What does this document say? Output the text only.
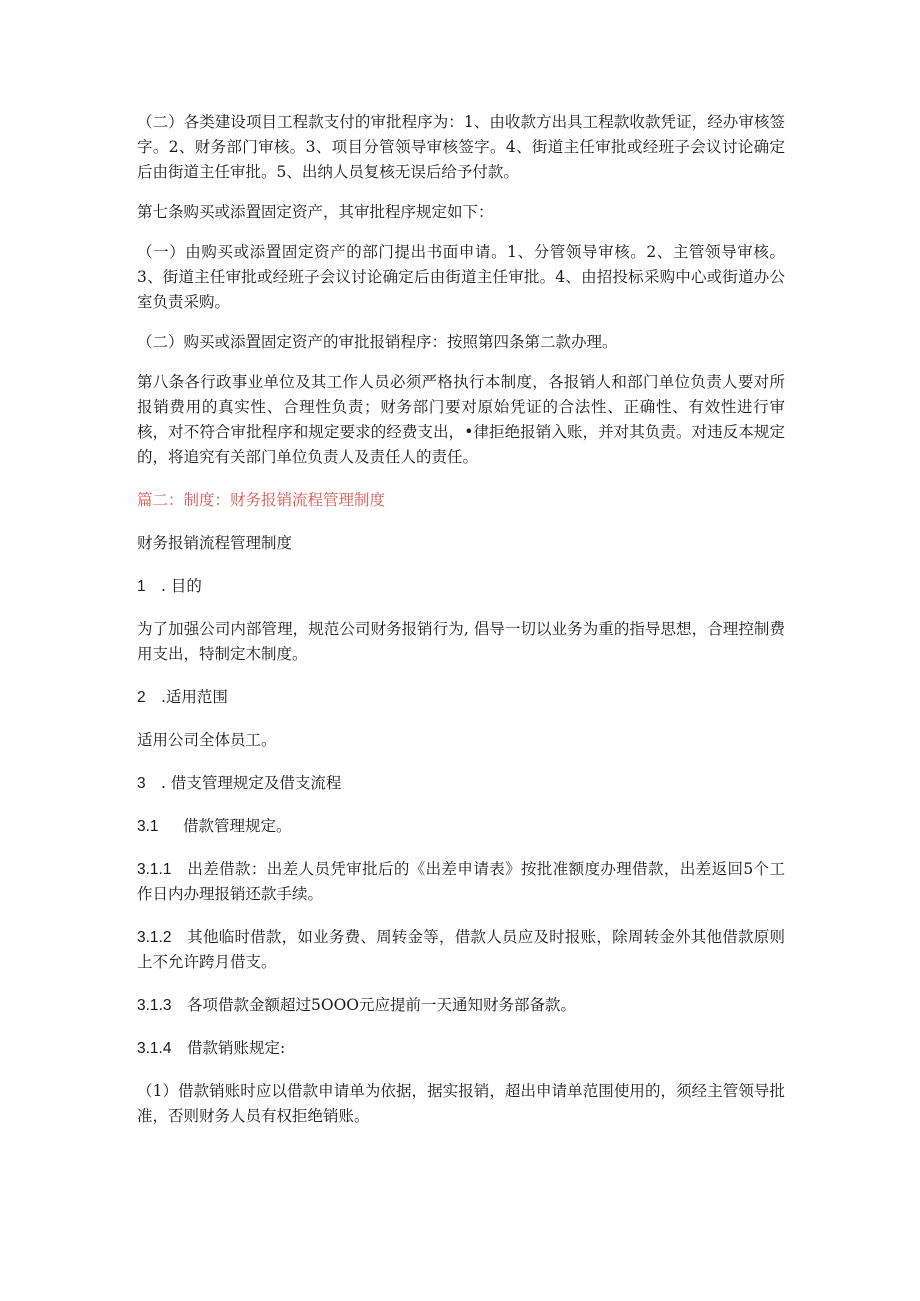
（二）各类建设项目工程款支付的审批程序为：1、由收款方出具工程款收款凭证，经办审核签字。2、财务部门审核。3、项目分管领导审核签字。4、街道主任审批或经班子会议讨论确定后由街道主任审批。5、出纳人员复核无误后给予付款。

第七条购买或添置固定资产，其审批程序规定如下：

（一）由购买或添置固定资产的部门提出书面申请。1、分管领导审核。2、主管领导审核。3、街道主任审批或经班子会议讨论确定后由街道主任审批。4、由招投标采购中心或街道办公室负责采购。

（二）购买或添置固定资产的审批报销程序：按照第四条第二款办理。

第八条各行政事业单位及其工作人员必须严格执行本制度，各报销人和部门单位负责人要对所报销费用的真实性、合理性负责；财务部门要对原始凭证的合法性、正确性、有效性进行审核，对不符合审批程序和规定要求的经费支出，•律拒绝报销入账，并对其负责。对违反本规定的，将追究有关部门单位负责人及责任人的责任。

篇二：制度：财务报销流程管理制度

财务报销流程管理制度

1 . 目的

为了加强公司内部管理，规范公司财务报销行为, 倡导一切以业务为重的指导思想，合理控制费用支出，特制定木制度。

2 .适用范围

适用公司全体员工。

3 . 借支管理规定及借支流程

3.1 借款管理规定。

3.1.1 出差借款：出差人员凭审批后的《出差申请表》按批准额度办理借款，出差返回5个工作日内办理报销还款手续。

3.1.2 其他临时借款，如业务费、周转金等，借款人员应及时报账，除周转金外其他借款原则上不允许跨月借支。

3.1.3 各项借款金额超过5OOO元应提前一天通知财务部备款。

3.1.4 借款销账规定:

（1）借款销账时应以借款申请单为依据，据实报销，超出申请单范围使用的，须经主管领导批准，否则财务人员有权拒绝销账。
